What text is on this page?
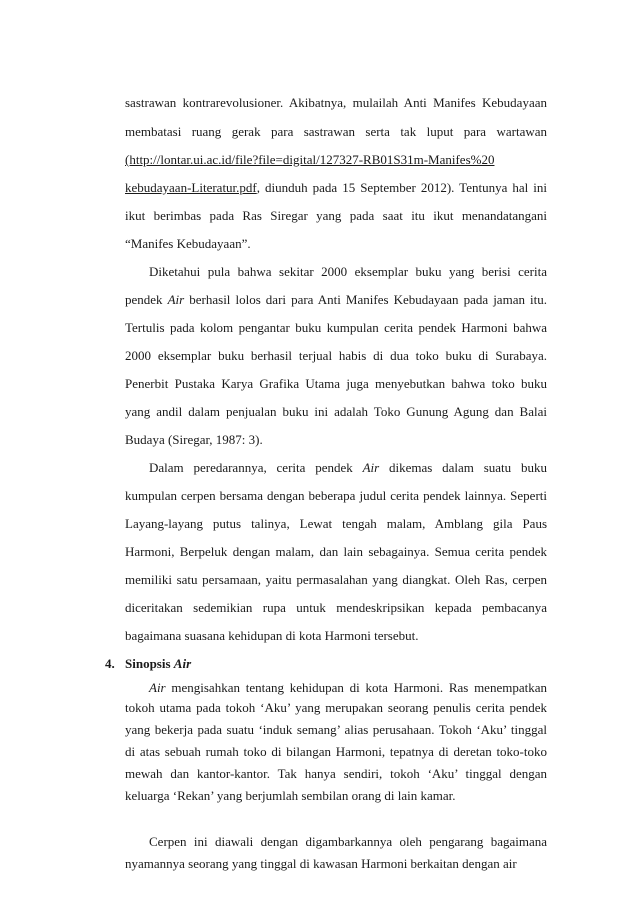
sastrawan kontrarevolusioner. Akibatnya, mulailah Anti Manifes Kebudayaan
membatasi ruang gerak para sastrawan serta tak luput para wartawan
(http://lontar.ui.ac.id/file?file=digital/127327-RB01S31m-Manifes%20
kebudayaan-Literatur.pdf, diunduh pada 15 September 2012). Tentunya hal ini
ikut berimbas pada Ras Siregar yang pada saat itu ikut menandatangani
“Manifes Kebudayaan”.
Diketahui pula bahwa sekitar 2000 eksemplar buku yang berisi cerita
pendek Air berhasil lolos dari para Anti Manifes Kebudayaan pada jaman itu.
Tertulis pada kolom pengantar buku kumpulan cerita pendek Harmoni bahwa
2000 eksemplar buku berhasil terjual habis di dua toko buku di Surabaya.
Penerbit Pustaka Karya Grafika Utama juga menyebutkan bahwa toko buku
yang andil dalam penjualan buku ini adalah Toko Gunung Agung dan Balai
Budaya (Siregar, 1987: 3).
Dalam peredarannya, cerita pendek Air dikemas dalam suatu buku
kumpulan cerpen bersama dengan beberapa judul cerita pendek lainnya. Seperti
Layang-layang putus talinya, Lewat tengah malam, Amblang gila Paus
Harmoni, Berpeluk dengan malam, dan lain sebagainya. Semua cerita pendek
memiliki satu persamaan, yaitu permasalahan yang diangkat. Oleh Ras, cerpen
diceritakan sedemikian rupa untuk mendeskripsikan kepada pembacanya
bagaimana suasana kehidupan di kota Harmoni tersebut.
4. Sinopsis Air
Air mengisahkan tentang kehidupan di kota Harmoni. Ras menempatkan
tokoh utama pada tokoh ‘Aku’ yang merupakan seorang penulis cerita pendek
yang bekerja pada suatu ‘induk semang’ alias perusahaan. Tokoh ‘Aku’ tinggal
di atas sebuah rumah toko di bilangan Harmoni, tepatnya di deretan toko-toko
mewah dan kantor-kantor. Tak hanya sendiri, tokoh ‘Aku’ tinggal dengan
keluarga ‘Rekan’ yang berjumlah sembilan orang di lain kamar.
Cerpen ini diawali dengan digambarkannya oleh pengarang bagaimana
nyamannya seorang yang tinggal di kawasan Harmoni berkaitan dengan air
